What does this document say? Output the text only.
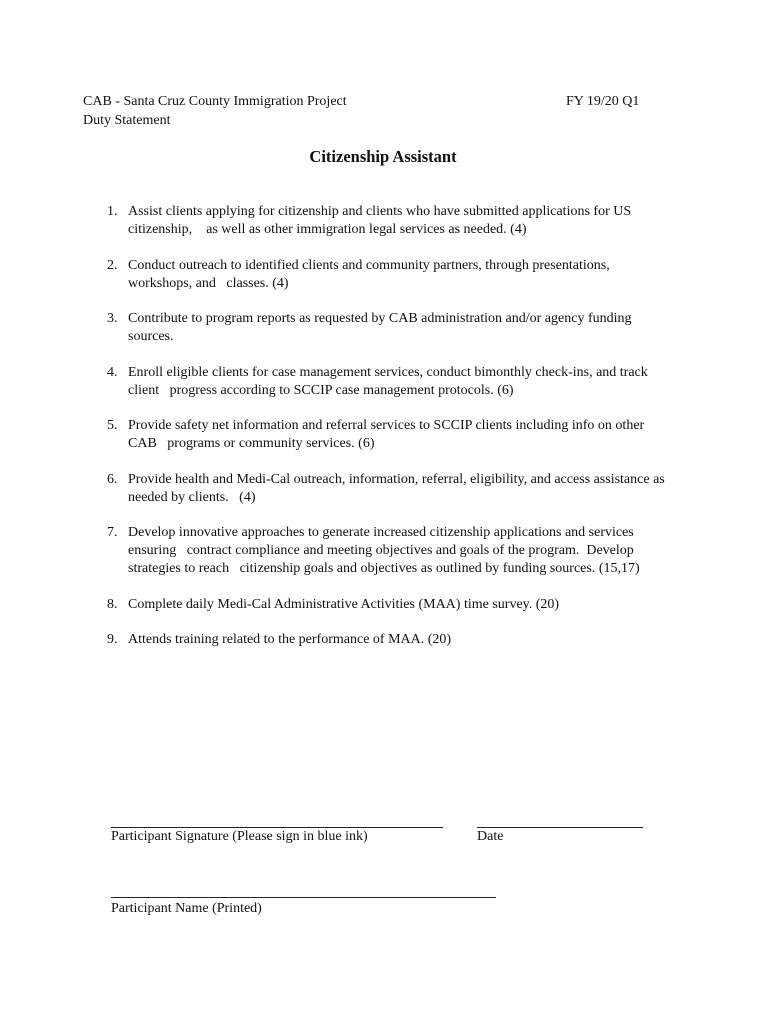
CAB - Santa Cruz County Immigration Project
Duty Statement
FY 19/20 Q1
Citizenship Assistant
1. Assist clients applying for citizenship and clients who have submitted applications for US citizenship,    as well as other immigration legal services as needed. (4)
2. Conduct outreach to identified clients and community partners, through presentations, workshops, and   classes. (4)
3. Contribute to program reports as requested by CAB administration and/or agency funding sources.
4. Enroll eligible clients for case management services, conduct bimonthly check-ins, and track client   progress according to SCCIP case management protocols. (6)
5. Provide safety net information and referral services to SCCIP clients including info on other CAB   programs or community services. (6)
6. Provide health and Medi-Cal outreach, information, referral, eligibility, and access assistance as   needed by clients.   (4)
7. Develop innovative approaches to generate increased citizenship applications and services ensuring   contract compliance and meeting objectives and goals of the program.  Develop strategies to reach   citizenship goals and objectives as outlined by funding sources. (15,17)
8. Complete daily Medi-Cal Administrative Activities (MAA) time survey. (20)
9. Attends training related to the performance of MAA. (20)
Participant Signature (Please sign in blue ink)	Date
Participant Name (Printed)
